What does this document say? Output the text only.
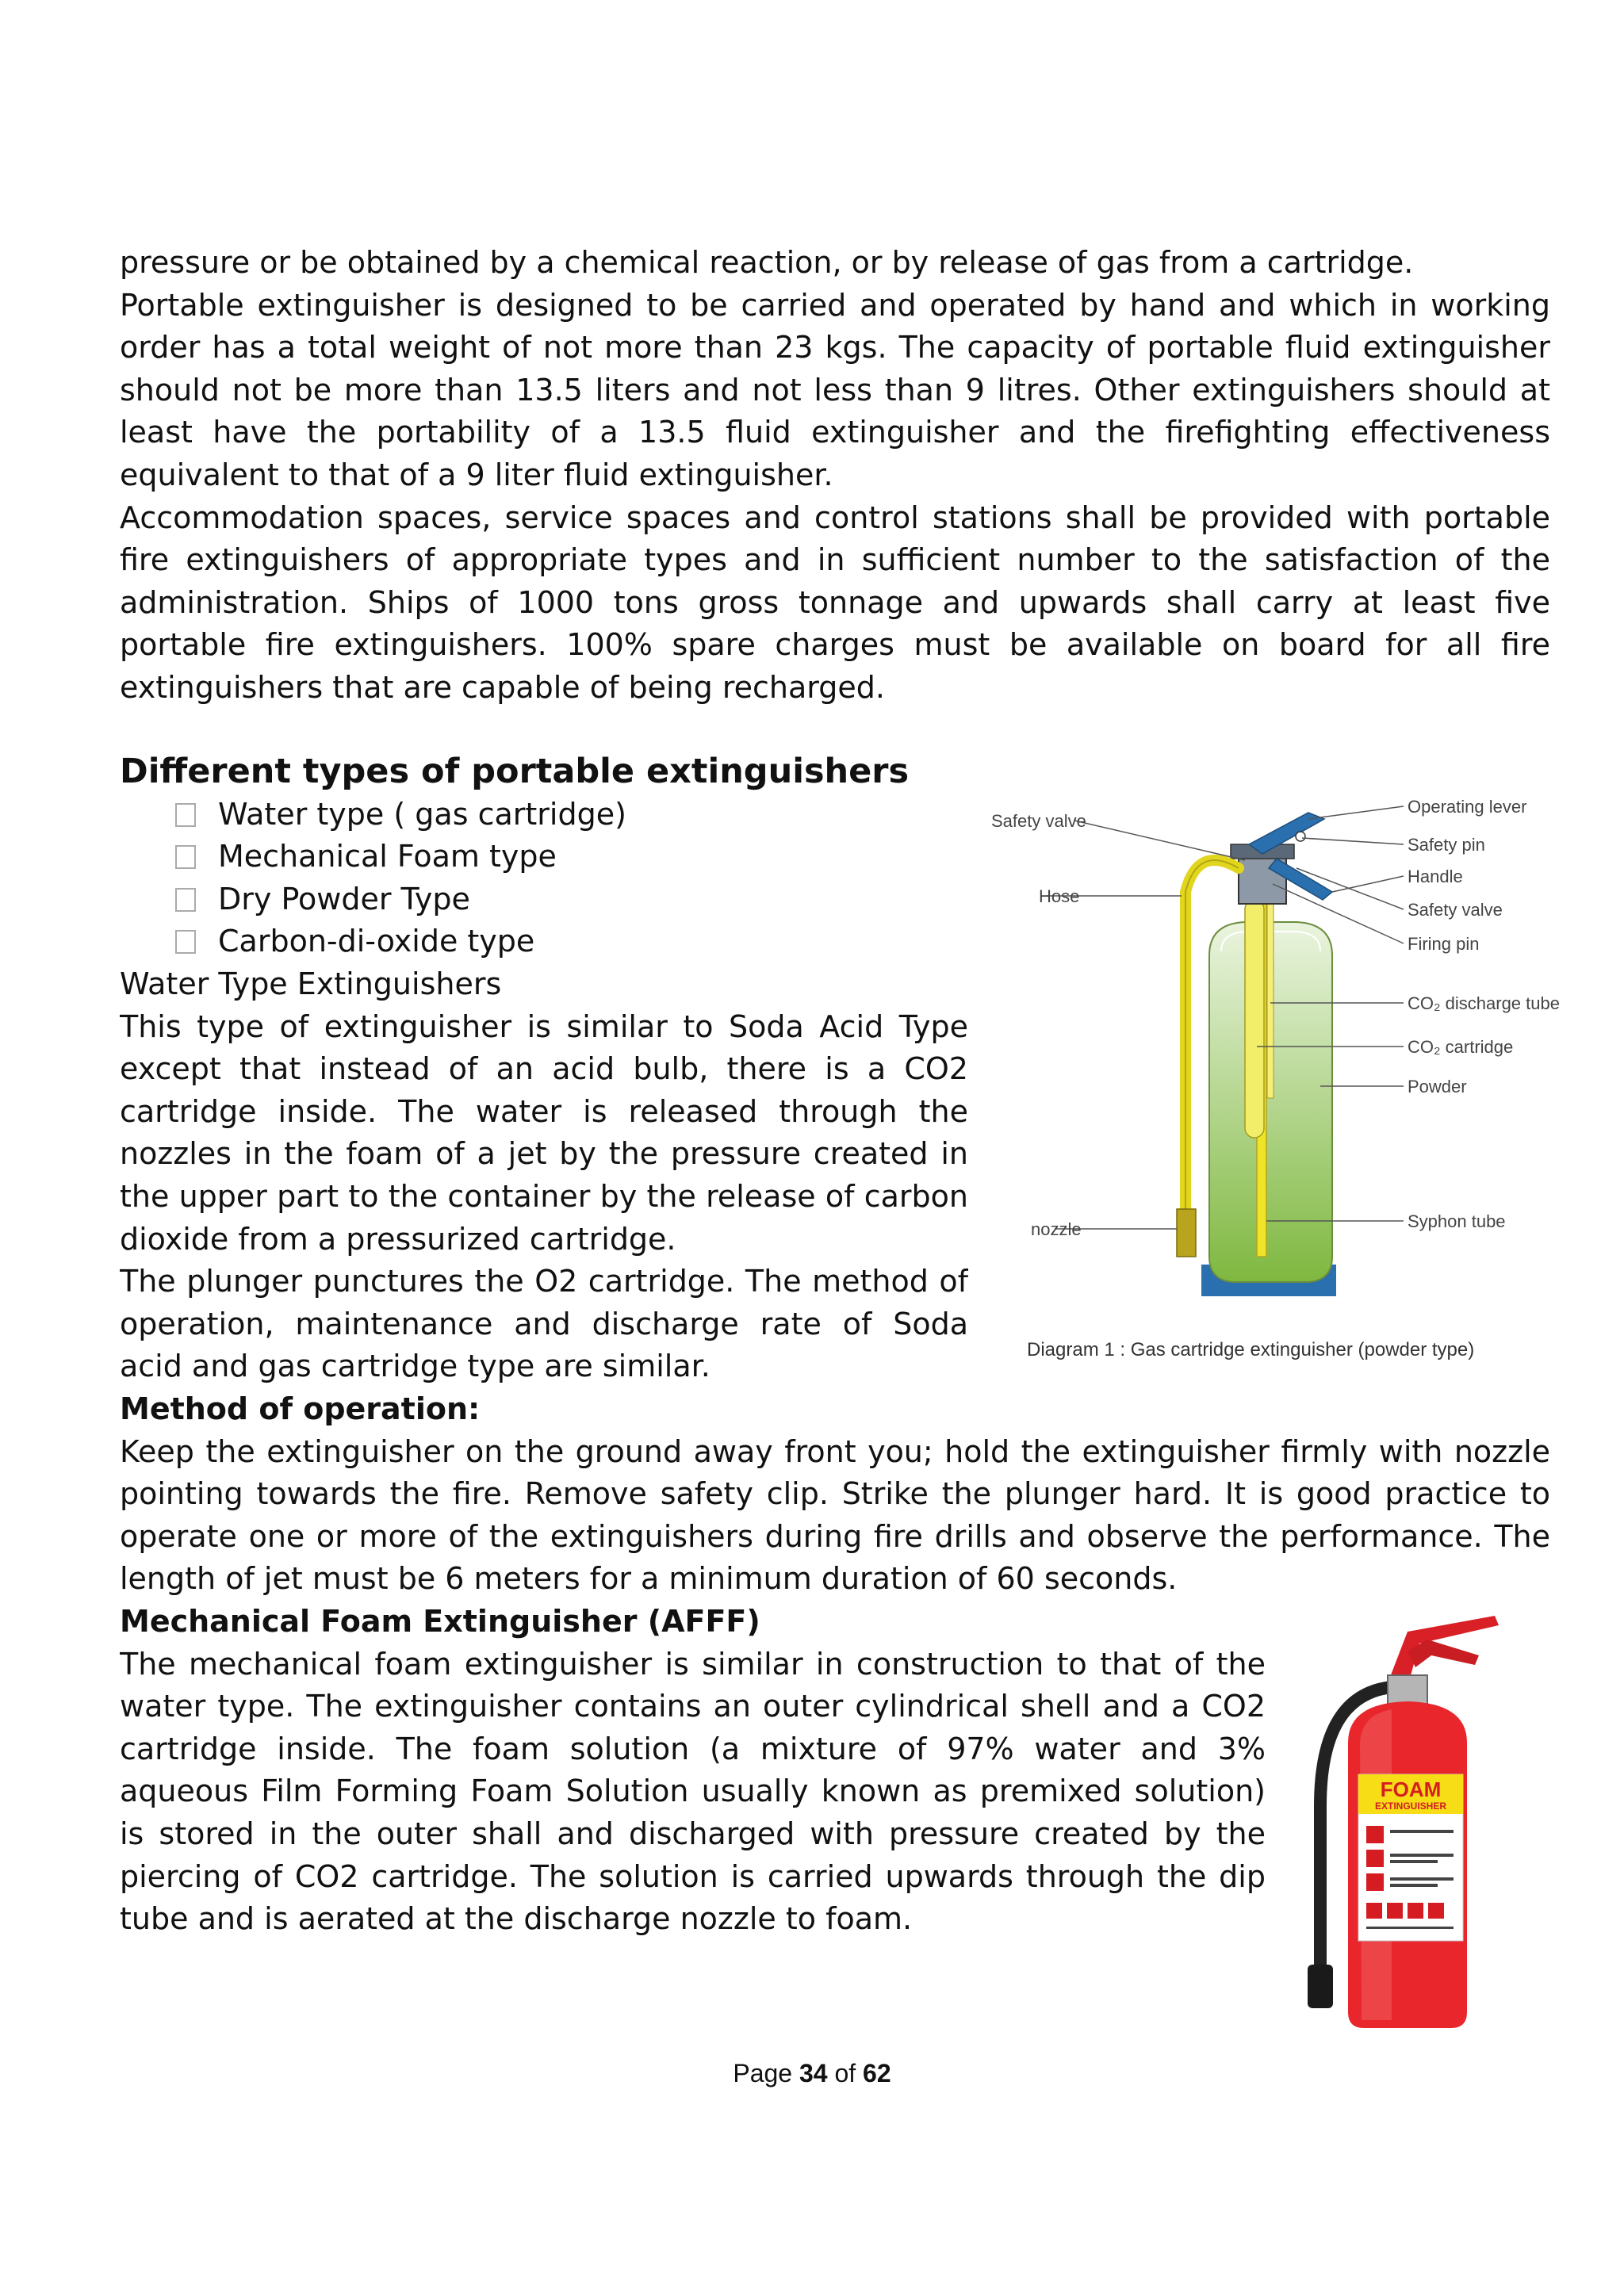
pressure or be obtained by a chemical reaction, or by release of gas from a cartridge.
Portable extinguisher is designed to be carried and operated by hand and which in working
order has a total weight of not more than 23 kgs. The capacity of portable fluid extinguisher
should not be more than 13.5 liters and not less than 9 litres. Other extinguishers should at
least have the portability of a 13.5 fluid extinguisher and the firefighting effectiveness
equivalent to that of a 9 liter fluid extinguisher.
Accommodation spaces, service spaces and control stations shall be provided with portable
fire extinguishers of appropriate types and in sufficient number to the satisfaction of the
administration. Ships of 1000 tons gross tonnage and upwards shall carry at least five
portable fire extinguishers. 100% spare charges must be available on board for all fire
extinguishers that are capable of being recharged.
Different types of portable extinguishers
Water type ( gas cartridge)
Mechanical Foam type
Dry Powder Type
Carbon-di-oxide type
Water Type Extinguishers
This type of extinguisher is similar to Soda Acid Type
except that instead of an acid bulb, there is a CO2
cartridge inside. The water is released through the
nozzles in the foam of a jet by the pressure created in
the upper part to the container by the release of carbon
dioxide from a pressurized cartridge.
The plunger punctures the O2 cartridge. The method of
operation, maintenance and discharge rate of Soda
acid and gas cartridge type are similar.
Safety valve
Hose
nozzle
Operating lever
Safety pin
Handle
Safety valve
Firing pin
CO₂ discharge tube
CO₂ cartridge
Powder
Syphon tube
Diagram 1 : Gas cartridge extinguisher (powder type)
Method of operation:
Keep the extinguisher on the ground away front you; hold the extinguisher firmly with nozzle
pointing towards the fire. Remove safety clip. Strike the plunger hard. It is good practice to
operate one or more of the extinguishers during fire drills and observe the performance. The
length of jet must be 6 meters for a minimum duration of 60 seconds.
Mechanical Foam Extinguisher (AFFF)
The mechanical foam extinguisher is similar in construction to that of the
water type. The extinguisher contains an outer cylindrical shell and a CO2
cartridge inside. The foam solution (a mixture of 97% water and 3%
aqueous Film Forming Foam Solution usually known as premixed solution)
is stored in the outer shall and discharged with pressure created by the
piercing of CO2 cartridge. The solution is carried upwards through the dip
tube and is aerated at the discharge nozzle to foam.
FOAM
EXTINGUISHER
Page 34 of 62
